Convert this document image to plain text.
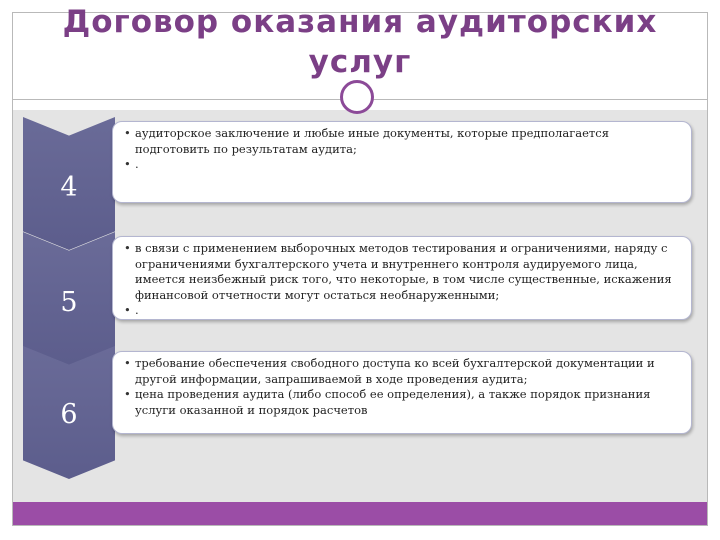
Договор оказания аудиторских услуг
4
• аудиторское заключение и любые иные документы, которые предполагается подготовить по результатам аудита;
• .
5
• в связи с применением выборочных методов тестирования и ограничениями, наряду с ограничениями бухгалтерского учета и внутреннего контроля аудируемого лица, имеется неизбежный риск того, что некоторые, в том числе существенные, искажения финансовой отчетности могут остаться необнаруженными;
• .
6
• требование обеспечения свободного доступа ко всей бухгалтерской документации и другой информации, запрашиваемой в ходе проведения аудита;
• цена проведения аудита (либо способ ее определения), а также порядок признания услуги оказанной и порядок расчетов
